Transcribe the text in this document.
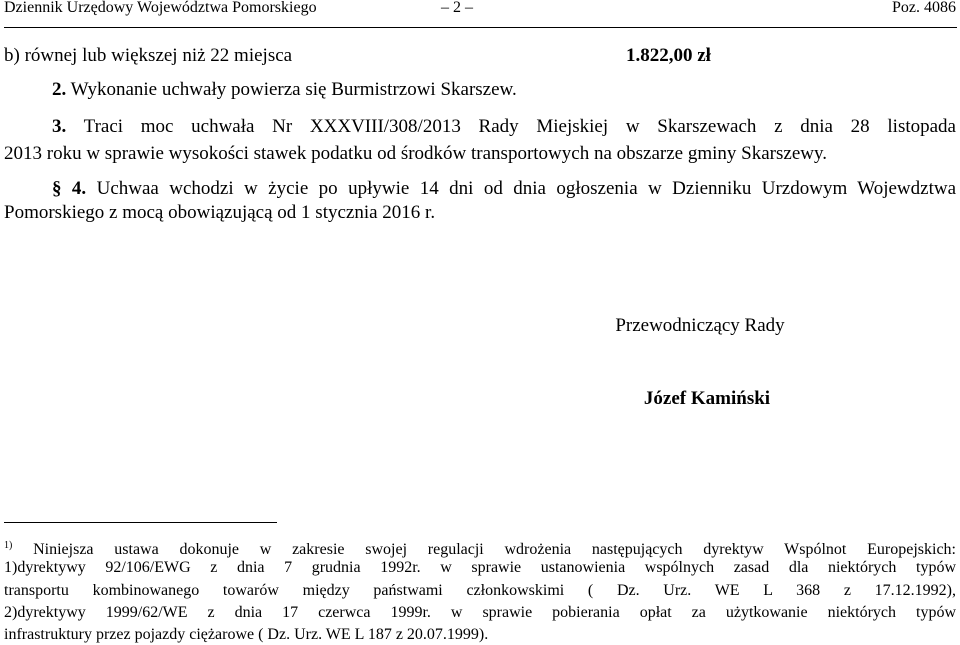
Dziennik Urzędowy Województwa Pomorskiego	– 2 –	Poz. 4086
b) równej lub większej niż 22 miejsca	1.822,00 zł
2. Wykonanie uchwały powierza się Burmistrzowi Skarszew.
3. Traci moc uchwała Nr XXXVIII/308/2013 Rady Miejskiej w Skarszewach z dnia 28 listopada
2013 roku w sprawie wysokości stawek podatku od środków transportowych na obszarze gminy Skarszewy.
§ 4. Uchwaa wchodzi w życie po upływie 14 dni od dnia ogłoszenia w Dzienniku Urzdowym Wojewdztwa
Pomorskiego z mocą obowiązującą od 1 stycznia 2016 r.
Przewodniczący Rady
Józef Kamiński
$^{1)}$ Niniejsza ustawa dokonuje w zakresie swojej regulacji wdrożenia następujących dyrektyw Wspólnot Europejskich:
1)dyrektywy 92/106/EWG z dnia 7 grudnia 1992r. w sprawie ustanowienia wspólnych zasad dla niektórych typów
transportu kombinowanego towarów między państwami członkowskimi ( Dz. Urz. WE L 368 z 17.12.1992),
2)dyrektywy 1999/62/WE z dnia 17 czerwca 1999r. w sprawie pobierania opłat za użytkowanie niektórych typów
infrastruktury przez pojazdy ciężarowe ( Dz. Urz. WE L 187 z 20.07.1999).
